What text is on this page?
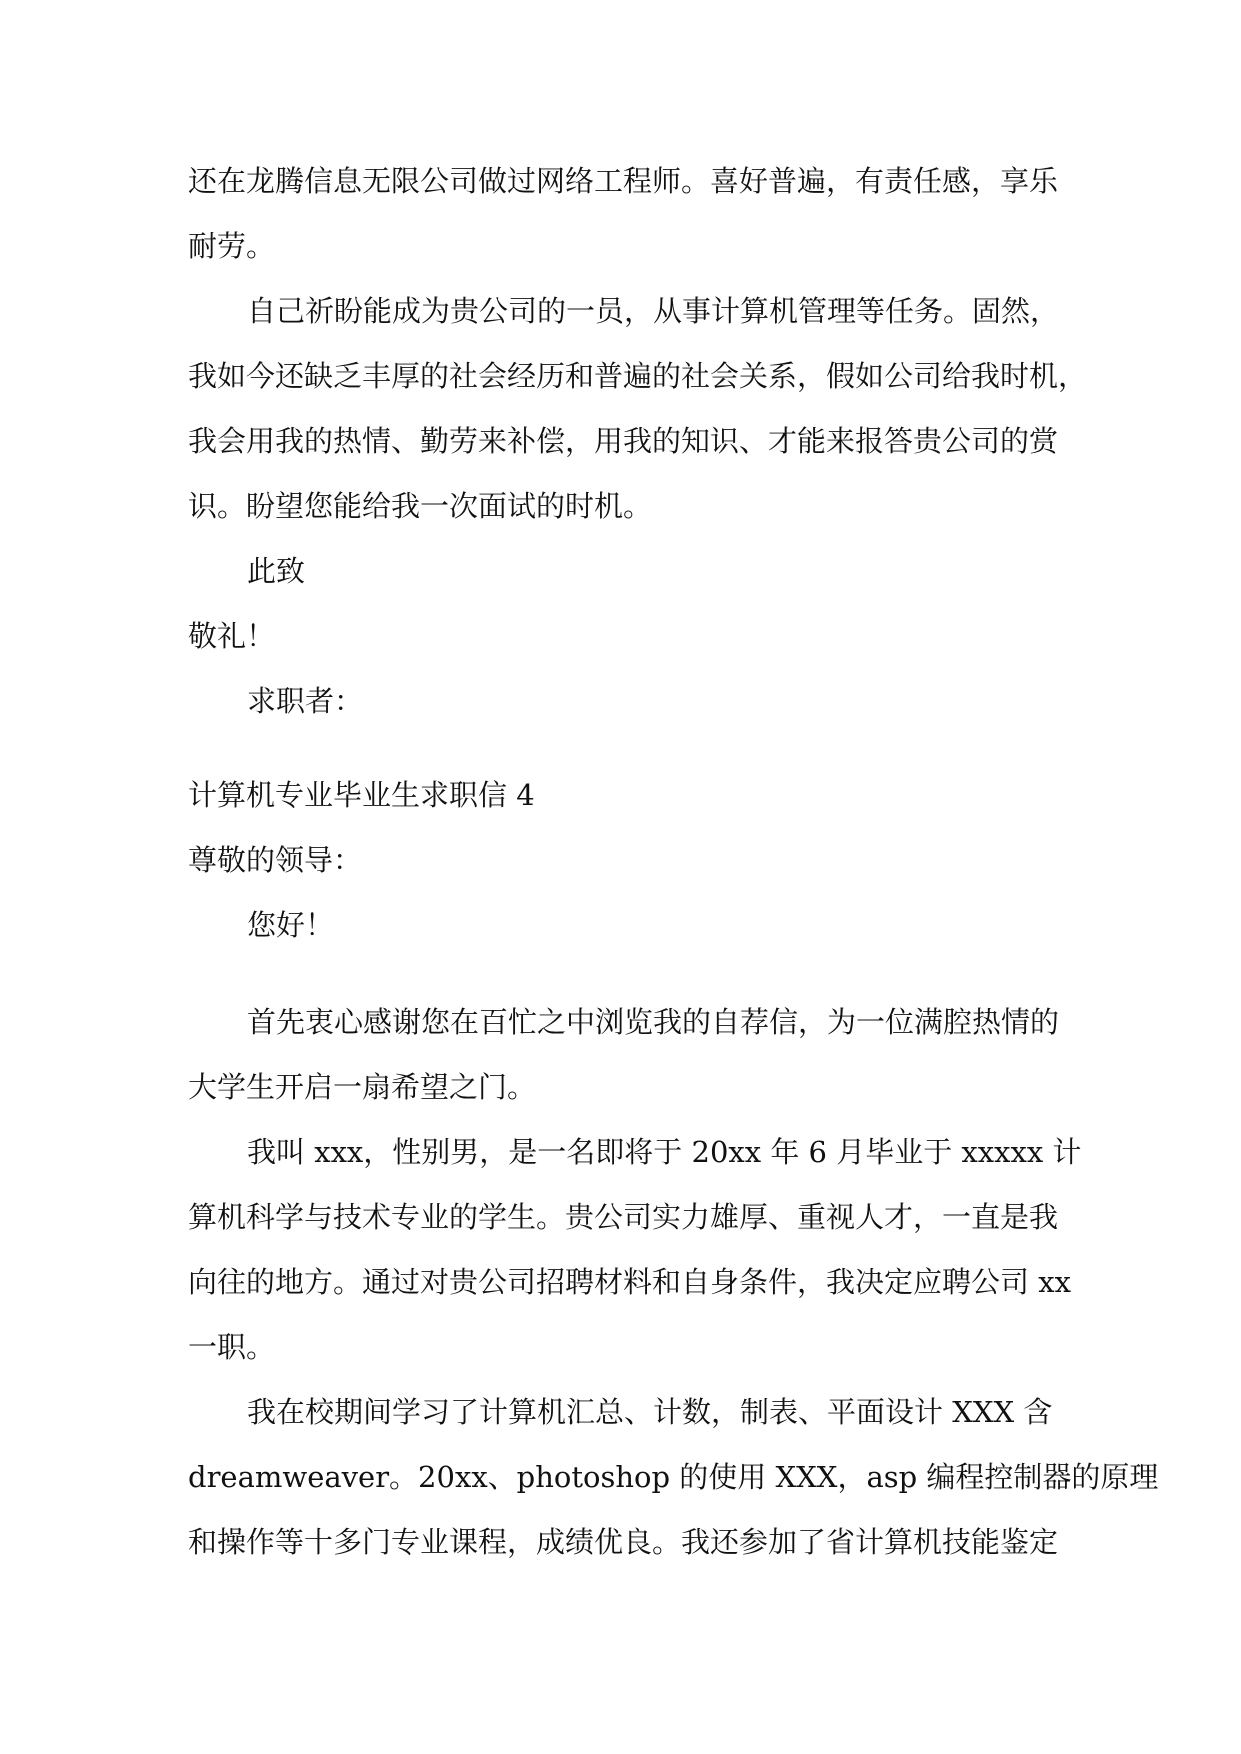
还在龙腾信息无限公司做过网络工程师。喜好普遍，有责任感，享乐
耐劳。
自己祈盼能成为贵公司的一员，从事计算机管理等任务。固然，
我如今还缺乏丰厚的社会经历和普遍的社会关系，假如公司给我时机，
我会用我的热情、勤劳来补偿，用我的知识、才能来报答贵公司的赏
识。盼望您能给我一次面试的时机。
此致
敬礼！
求职者：
计算机专业毕业生求职信 4
尊敬的领导：
您好！
首先衷心感谢您在百忙之中浏览我的自荐信，为一位满腔热情的
大学生开启一扇希望之门。
我叫 xxx，性别男，是一名即将于 20xx 年 6 月毕业于 xxxxx 计
算机科学与技术专业的学生。贵公司实力雄厚、重视人才，一直是我
向往的地方。通过对贵公司招聘材料和自身条件，我决定应聘公司 xx
一职。
我在校期间学习了计算机汇总、计数，制表、平面设计 XXX 含
dreamweaver。20xx、photoshop 的使用 XXX，asp 编程控制器的原理
和操作等十多门专业课程，成绩优良。我还参加了省计算机技能鉴定
